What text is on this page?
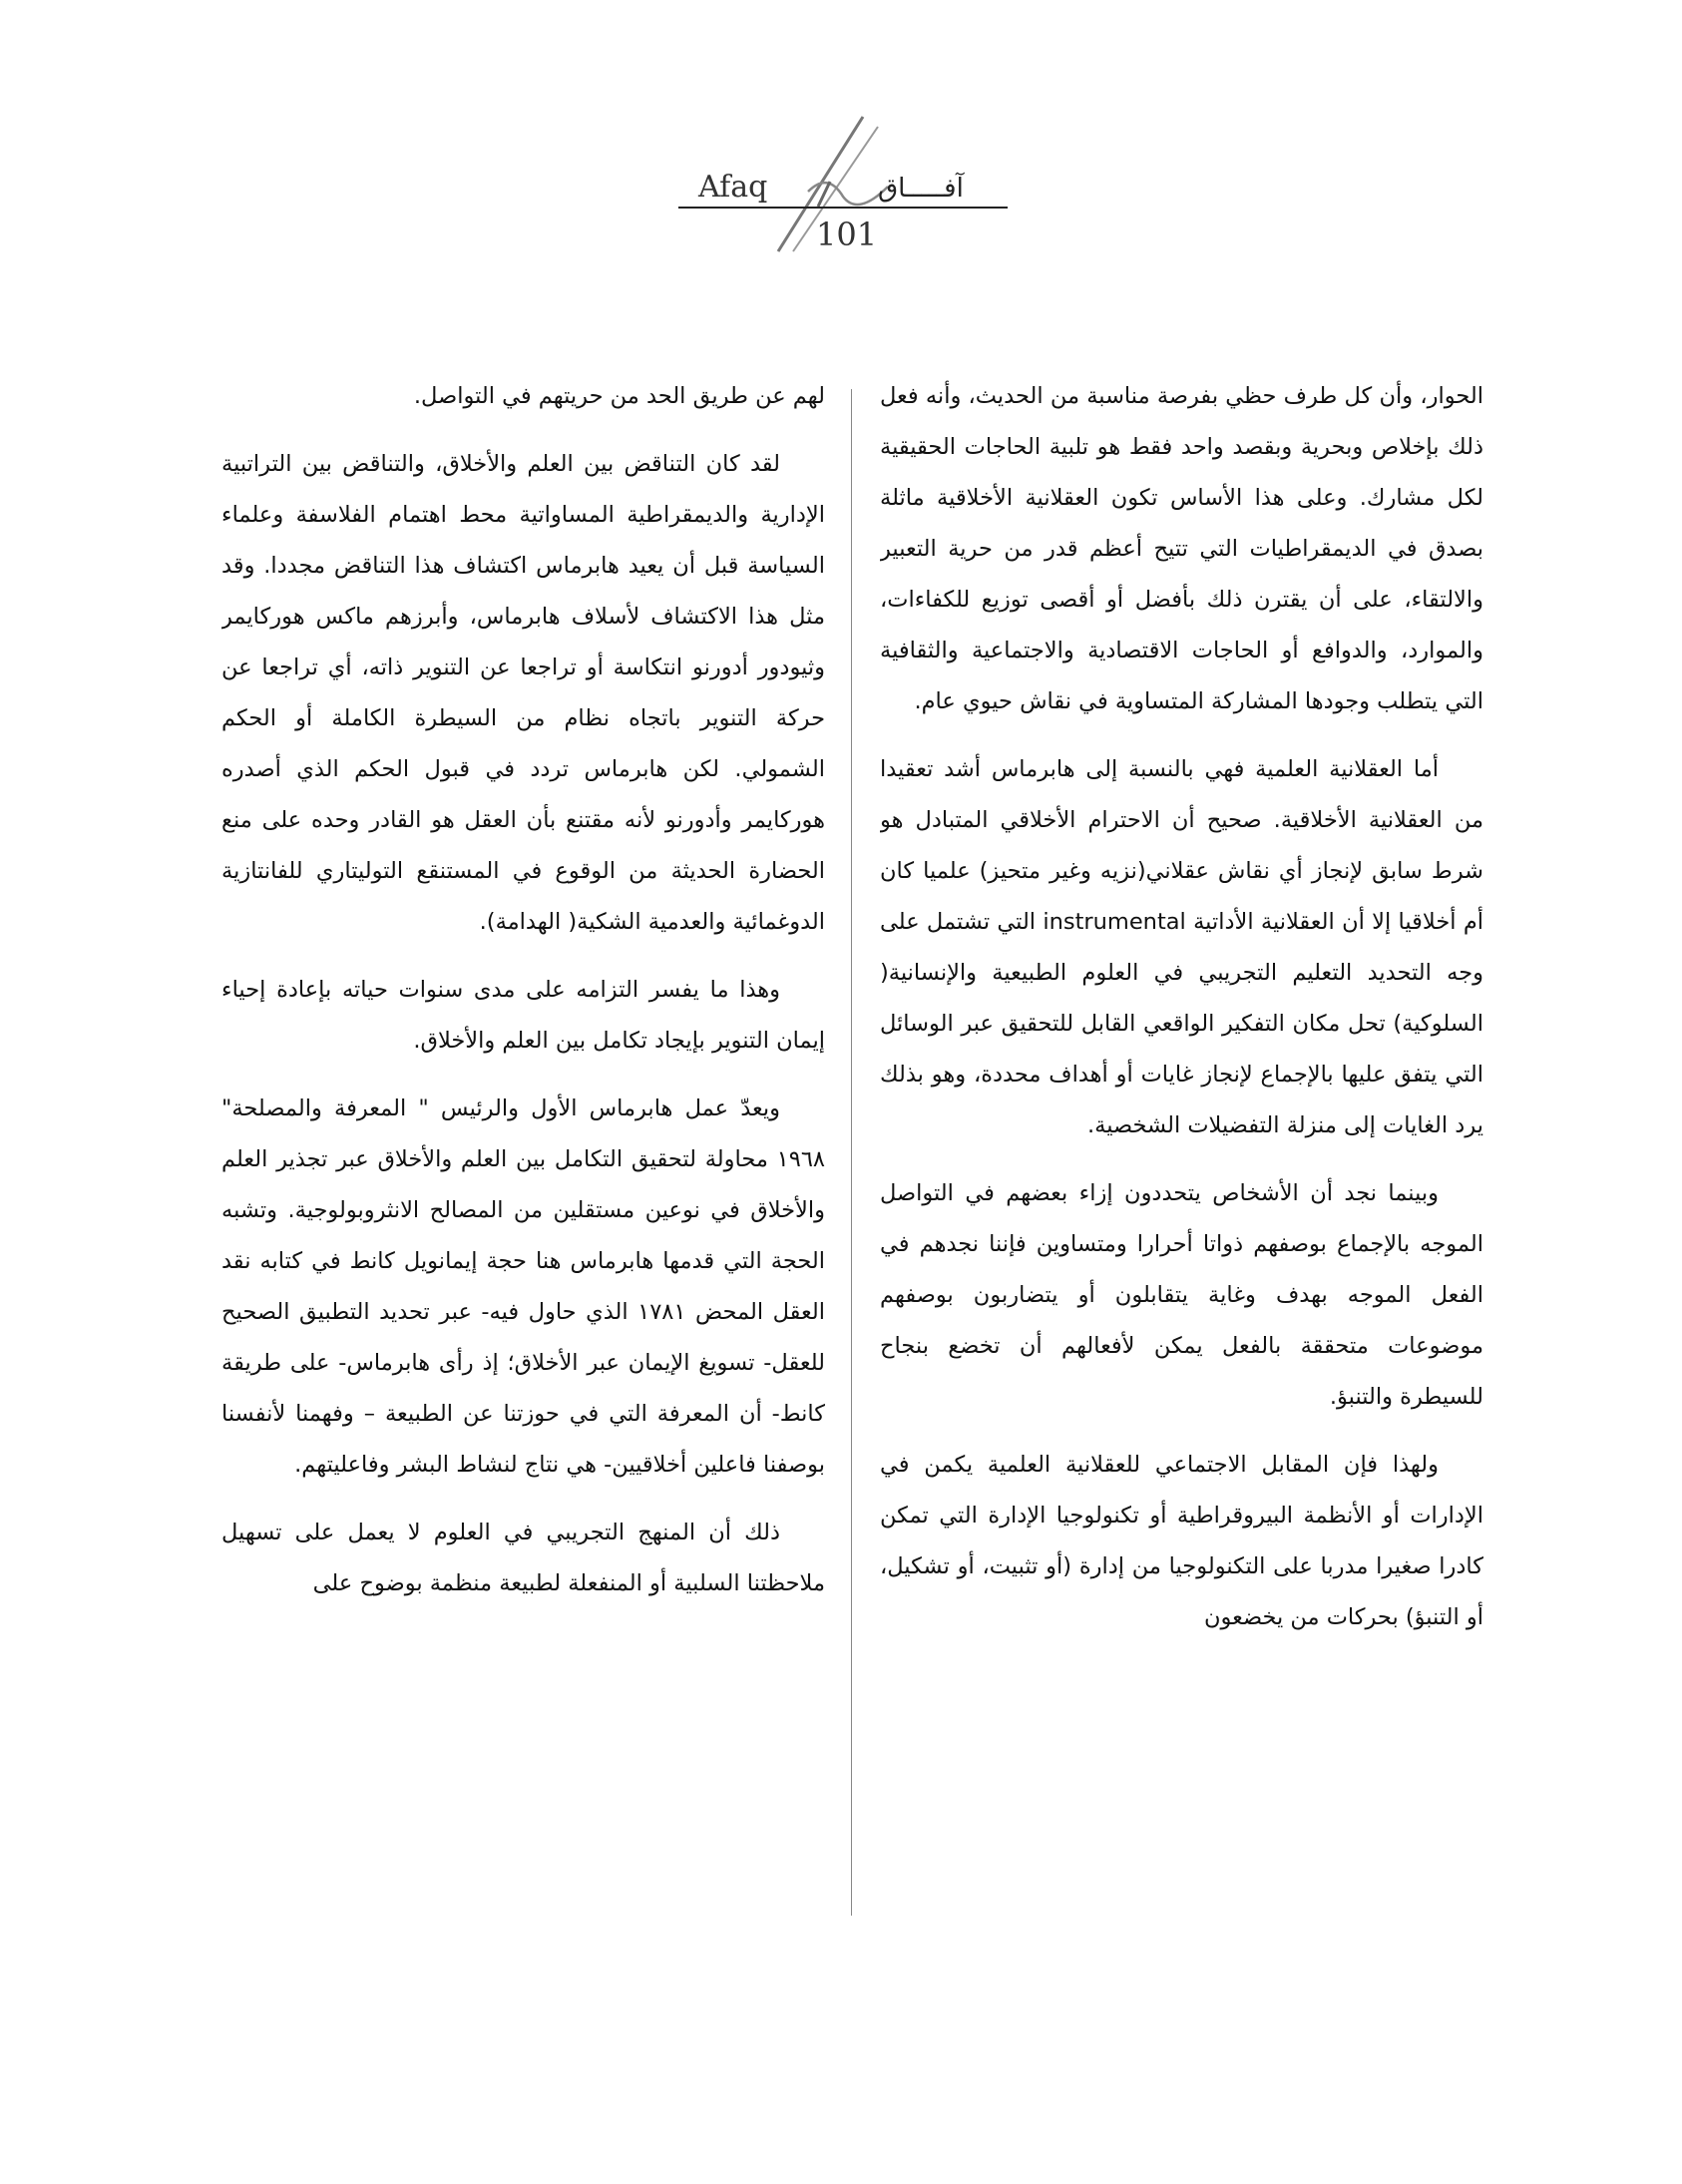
Afaq	آفـــــاق
101

الحوار، وأن كل طرف حظي بفرصة مناسبة من الحديث، وأنه فعل ذلك بإخلاص وبحرية وبقصد واحد فقط هو تلبية الحاجات الحقيقية لكل مشارك. وعلى هذا الأساس تكون العقلانية الأخلاقية ماثلة بصدق في الديمقراطيات التي تتيح أعظم قدر من حرية التعبير والالتقاء، على أن يقترن ذلك بأفضل أو أقصى توزيع للكفاءات، والموارد، والدوافع أو الحاجات الاقتصادية والاجتماعية والثقافية التي يتطلب وجودها المشاركة المتساوية في نقاش حيوي عام.

أما العقلانية العلمية فهي بالنسبة إلى هابرماس أشد تعقيدا من العقلانية الأخلاقية. صحيح أن الاحترام الأخلاقي المتبادل هو شرط سابق لإنجاز أي نقاش عقلاني(نزيه وغير متحيز) علميا كان أم أخلاقيا إلا أن العقلانية الأداتية instrumental التي تشتمل على وجه التحديد التعليم التجريبي في العلوم الطبيعية والإنسانية( السلوكية) تحل مكان التفكير الواقعي القابل للتحقيق عبر الوسائل التي يتفق عليها بالإجماع لإنجاز غايات أو أهداف محددة، وهو بذلك يرد الغايات إلى منزلة التفضيلات الشخصية.

وبينما نجد أن الأشخاص يتحددون إزاء بعضهم في التواصل الموجه بالإجماع بوصفهم ذواتا أحرارا ومتساوين فإننا نجدهم في الفعل الموجه بهدف وغاية يتقابلون أو يتضاربون بوصفهم موضوعات متحققة بالفعل يمكن لأفعالهم أن تخضع بنجاح للسيطرة والتنبؤ.

ولهذا فإن المقابل الاجتماعي للعقلانية العلمية يكمن في الإدارات أو الأنظمة البيروقراطية أو تكنولوجيا الإدارة التي تمكن كادرا صغيرا مدربا على التكنولوجيا من إدارة (أو تثبيت، أو تشكيل، أو التنبؤ) بحركات من يخضعون

لهم عن طريق الحد من حريتهم في التواصل.

لقد كان التناقض بين العلم والأخلاق، والتناقض بين التراتبية الإدارية والديمقراطية المساواتية محط اهتمام الفلاسفة وعلماء السياسة قبل أن يعيد هابرماس اكتشاف هذا التناقض مجددا. وقد مثل هذا الاكتشاف لأسلاف هابرماس، وأبرزهم ماكس هوركايمر وثيودور أدورنو انتكاسة أو تراجعا عن التنوير ذاته، أي تراجعا عن حركة التنوير باتجاه نظام من السيطرة الكاملة أو الحكم الشمولي. لكن هابرماس تردد في قبول الحكم الذي أصدره هوركايمر وأدورنو لأنه مقتنع بأن العقل هو القادر وحده على منع الحضارة الحديثة من الوقوع في المستنقع التوليتاري للفانتازية الدوغمائية والعدمية الشكية( الهدامة).

وهذا ما يفسر التزامه على مدى سنوات حياته بإعادة إحياء إيمان التنوير بإيجاد تكامل بين العلم والأخلاق.

ويعدّ عمل هابرماس الأول والرئيس " المعرفة والمصلحة" ١٩٦٨ محاولة لتحقيق التكامل بين العلم والأخلاق عبر تجذير العلم والأخلاق في نوعين مستقلين من المصالح الانثروبولوجية. وتشبه الحجة التي قدمها هابرماس هنا حجة إيمانويل كانط في كتابه نقد العقل المحض ١٧٨١ الذي حاول فيه- عبر تحديد التطبيق الصحيح للعقل- تسويغ الإيمان عبر الأخلاق؛ إذ رأى هابرماس- على طريقة كانط- أن المعرفة التي في حوزتنا عن الطبيعة – وفهمنا لأنفسنا بوصفنا فاعلين أخلاقيين- هي نتاج لنشاط البشر وفاعليتهم.

ذلك أن المنهج التجريبي في العلوم لا يعمل على تسهيل ملاحظتنا السلبية أو المنفعلة لطبيعة منظمة بوضوح على
